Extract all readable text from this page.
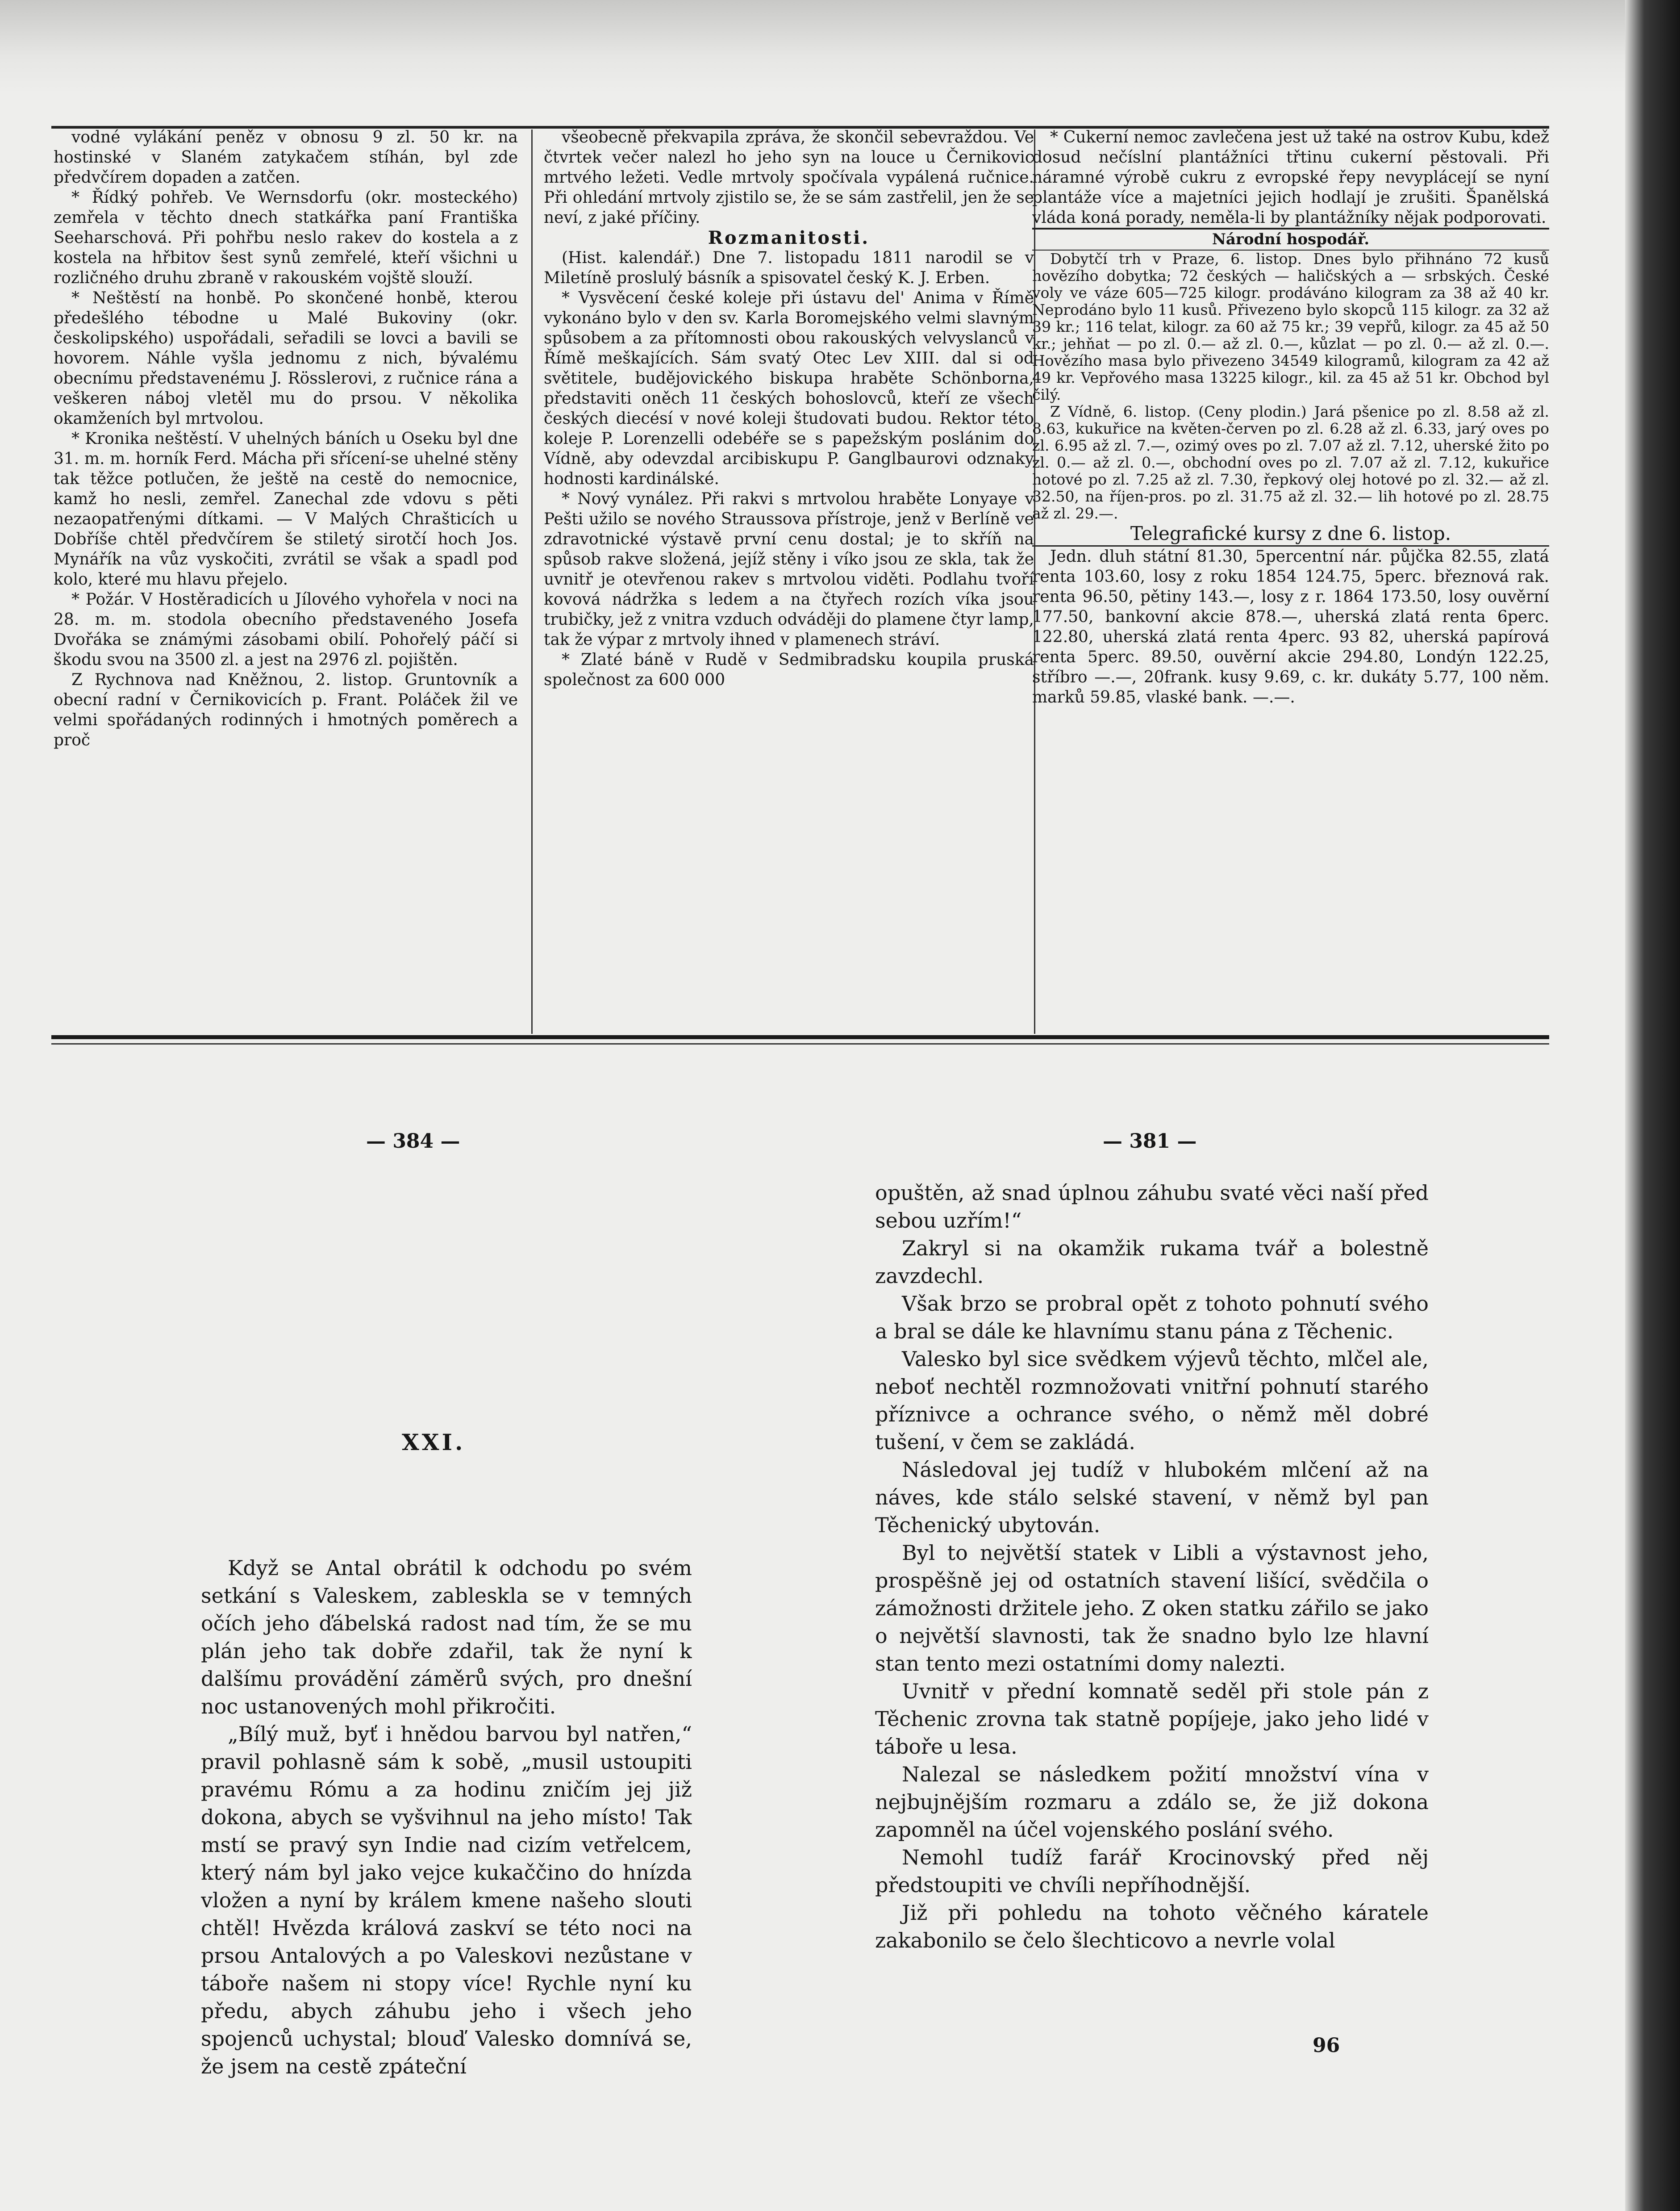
vodné vylákání peněz v obnosu 9 zl. 50 kr. na hostinské v Slaném zatykačem stíhán, byl zde předvčírem dopaden a zatčen.

* Řídký pohřeb. Ve Wernsdorfu (okr. mosteckého) zemřela v těchto dnech statkářka paní Františka Seeharschová. Při pohřbu neslo rakev do kostela a z kostela na hřbitov šest synů zemřelé, kteří všichni u rozličného druhu zbraně v rakouském vojště slouží.

* Neštěstí na honbě. Po skončené honbě, kterou předešlého tébodne u Malé Bukoviny (okr. českolipského) uspořádali, seřadili se lovci a bavili se hovorem. Náhle vyšla jednomu z nich, bývalému obecnímu představenému J. Rösslerovi, z ručnice rána a veškeren náboj vletěl mu do prsou. V několika okamženích byl mrtvolou.

* Kronika neštěstí. V uhelných báních u Oseku byl dne 31. m. m. horník Ferd. Mácha při sřícení-se uhelné stěny tak těžce potlučen, že ještě na cestě do nemocnice, kamž ho nesli, zemřel. Zanechal zde vdovu s pěti nezaopatřenými dítkami. — V Malých Chrašticích u Dobříše chtěl předvčírem še stiletý sirotčí hoch Jos. Mynářík na vůz vyskočiti, zvrátil se však a spadl pod kolo, které mu hlavu přejelo.

* Požár. V Hostěradicích u Jílového vyhořela v noci na 28. m. m. stodola obecního představeného Josefa Dvořáka se známými zásobami obilí. Pohořelý páčí si škodu svou na 3500 zl. a jest na 2976 zl. pojištěn.

Z Rychnova nad Kněžnou, 2. listop. Gruntovník a obecní radní v Černikovicích p. Frant. Poláček žil ve velmi spořádaných rodinných i hmotných poměrech a proč

všeobecně překvapila zpráva, že skončil sebevraždou. Ve čtvrtek večer nalezl ho jeho syn na louce u Černikovic mrtvého ležeti. Vedle mrtvoly spočívala vypálená ručnice. Při ohledání mrtvoly zjistilo se, že se sám zastřelil, jen že se neví, z jaké příčiny.

Rozmanitosti.

(Hist. kalendář.) Dne 7. listopadu 1811 narodil se v Miletíně proslulý básník a spisovatel český K. J. Erben.

* Vysvěcení české koleje při ústavu del' Anima v Římě vykonáno bylo v den sv. Karla Boromejského velmi slavným spůsobem a za přítomnosti obou rakouských velvyslanců v Římě meškajících. Sám svatý Otec Lev XIII. dal si od světitele, budějovického biskupa hraběte Schönborna, představiti oněch 11 českých bohoslovců, kteří ze všech českých diecésí v nové koleji študovati budou. Rektor této koleje P. Lorenzelli odebéře se s papežským poslánim do Vídně, aby odevzdal arcibiskupu P. Ganglbaurovi odznaky hodnosti kardinálské.

* Nový vynález. Při rakvi s mrtvolou hraběte Lonyaye v Pešti užilo se nového Straussova přístroje, jenž v Berlíně ve zdravotnické výstavě první cenu dostal; je to skříň na spůsob rakve složená, jejíž stěny i víko jsou ze skla, tak že uvnitř je otevřenou rakev s mrtvolou viděti. Podlahu tvoří kovová nádržka s ledem a na čtyřech rozích víka jsou trubičky, jež z vnitra vzduch odváději do plamene čtyr lamp, tak že výpar z mrtvoly ihned v plamenech stráví.

* Zlaté báně v Rudě v Sedmibradsku koupila pruská společnost za 600 000

* Cukerní nemoc zavlečena jest už také na ostrov Kubu, kdež dosud nečíslní plantážníci třtinu cukerní pěstovali. Při náramné výrobě cukru z evropské řepy nevyplácejí se nyní plantáže více a majetníci jejich hodlají je zrušiti. Španělská vláda koná porady, neměla-li by plantážníky nějak podporovati.

Národní hospodář.

Dobytčí trh v Praze, 6. listop. Dnes bylo přihnáno 72 kusů hovězího dobytka; 72 českých — haličských a — srbských. České voly ve váze 605—725 kilogr. prodáváno kilogram za 38 až 40 kr. Neprodáno bylo 11 kusů. Přivezeno bylo skopců 115 kilogr. za 32 až 39 kr.; 116 telat, kilogr. za 60 až 75 kr.; 39 vepřů, kilogr. za 45 až 50 kr.; jehňat — po zl. 0.— až zl. 0.—, kůzlat — po zl. 0.— až zl. 0.—. Hovězího masa bylo přivezeno 34549 kilogramů, kilogram za 42 až 49 kr. Vepřového masa 13225 kilogr., kil. za 45 až 51 kr. Obchod byl čilý.

Z Vídně, 6. listop. (Ceny plodin.) Jará pšenice po zl. 8.58 až zl. 8.63, kukuřice na květen-červen po zl. 6.28 až zl. 6.33, jarý oves po zl. 6.95 až zl. 7.—, ozimý oves po zl. 7.07 až zl. 7.12, uherské žito po zl. 0.— až zl. 0.—, obchodní oves po zl. 7.07 až zl. 7.12, kukuřice hotové po zl. 7.25 až zl. 7.30, řepkový olej hotové po zl. 32.— až zl. 32.50, na říjen-pros. po zl. 31.75 až zl. 32.— lih hotové po zl. 28.75 až zl. 29.—.

Telegrafické kursy z dne 6. listop.

Jedn. dluh státní 81.30, 5percentní nár. půjčka 82.55, zlatá renta 103.60, losy z roku 1854 124.75, 5perc. březnová rak. renta 96.50, pětiny 143.—, losy z r. 1864 173.50, losy ouvěrní 177.50, bankovní akcie 878.—, uherská zlatá renta 6perc. 122.80, uherská zlatá renta 4perc. 93 82, uherská papírová renta 5perc. 89.50, ouvěrní akcie 294.80, Londýn 122.25, stříbro —.—, 20frank. kusy 9.69, c. kr. dukáty 5.77, 100 něm. marků 59.85, vlaské bank. —.—.

— 384 —	— 381 —
XXI.

Když se Antal obrátil k odchodu po svém setkání s Valeskem, zablesklа se v temných očích jeho ďábelská radost nad tím, že se mu plán jeho tak dobře zdařil, tak že nyní k dalšímu provádění záměrů svých, pro dnešní noc ustanovených mohl přikročiti.

„Bílý muž, byť i hnědou barvou byl natřen,“ pravil pohlasně sám k sobě, „musil ustoupiti pravému Rómu a za hodinu zničím jej již dokona, abych se vyšvihnul na jeho místo! Tak mstí se pravý syn Indie nad cizím vetřelcem, který nám byl jako vejce kukaččino do hnízda vložen a nyní by králem kmene našeho slouti chtěl! Hvězda králová zaskví se této noci na prsou Antalových a po Valeskovi nezůstane v táboře našem ni stopy více! Rychle nyní ku předu, abych záhubu jeho i všech jeho spojenců uchystal; blouď Valesko domnívá se, že jsem na cestě zpáteční

opuštěn, až snad úplnou záhubu svaté věci naší před sebou uzřím!“

Zakryl si na okamžik rukama tvář a bolestně zavzdechl.

Však brzo se probral opět z tohoto pohnutí svého a bral se dále ke hlavnímu stanu pána z Těchenic.

Valesko byl sice svědkem výjevů těchto, mlčel ale, neboť nechtěl rozmnožovati vnitřní pohnutí starého příznivce a ochrance svého, o němž měl dobré tušení, v čem se zakládá.

Následoval jej tudíž v hlubokém mlčení až na náves, kde stálo selské stavení, v němž byl pan Těchenický ubytován.

Byl to největší statek v Libli a výstavnost jeho, prospěšně jej od ostatních stavení lišící, svědčila o zámožnosti držitele jeho. Z oken statku zářilo se jako o největší slavnosti, tak že snadno bylo lze hlavní stan tento mezi ostatními domy nalezti.

Uvnitř v přední komnatě seděl při stole pán z Těchenic zrovna tak statně popíjeje, jako jeho lidé v táboře u lesa.

Nalezal se následkem požití množství vína v nejbujnějším rozmaru a zdálo se, že již dokona zapomněl na účel vojenského poslání svého.

Nemohl tudíž farář Krocinovský před něj předstoupiti ve chvíli nepříhodnější.

Již při pohledu na tohoto věčného káratele zakabonilo se čelo šlechticovo a nevrle volal

96
